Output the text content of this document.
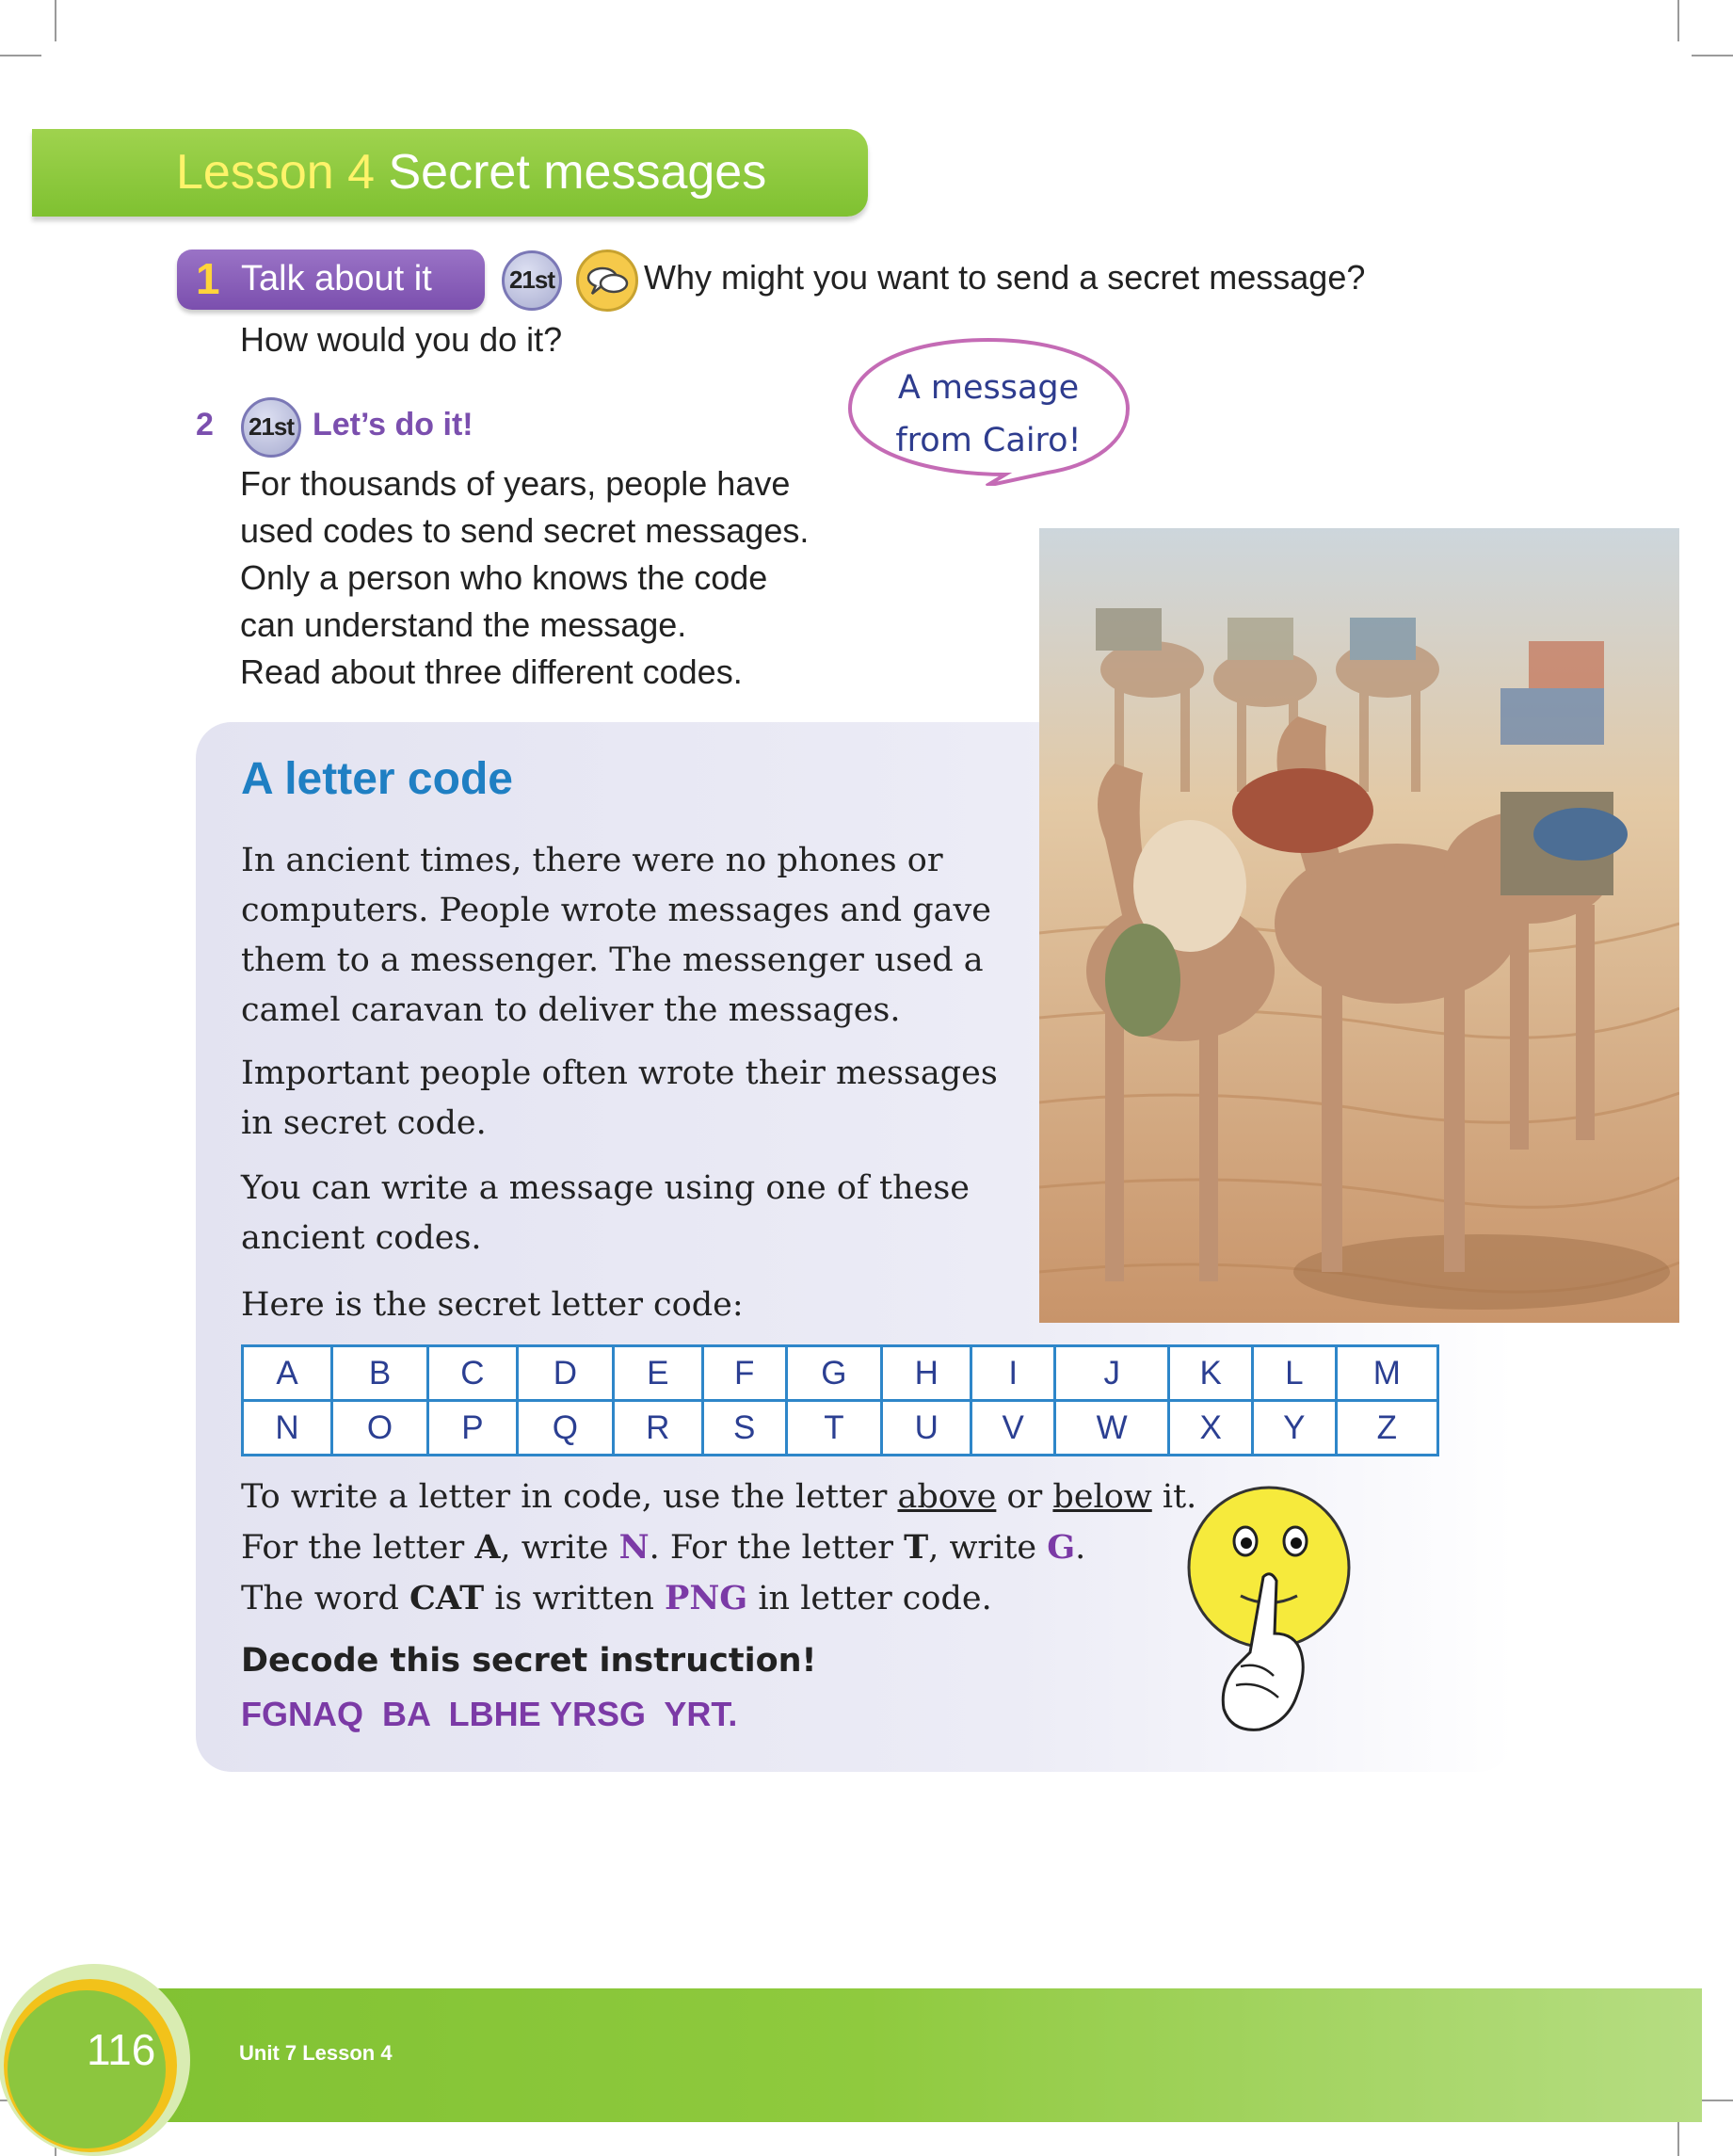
Lesson 4 Secret messages
1 Talk about it	21st	Why might you want to send a secret message?
How would you do it?
A message
from Cairo!
2	21st Let’s do it!
For thousands of years, people have
used codes to send secret messages.
Only a person who knows the code
can understand the message.
Read about three different codes.
A letter code
In ancient times, there were no phones or
computers. People wrote messages and gave
them to a messenger. The messenger used a
camel caravan to deliver the messages.
Important people often wrote their messages
in secret code.
You can write a message using one of these
ancient codes.
Here is the secret letter code:
A	B	C	D	E	F	G	H	I	J	K	L	M
N	O	P	Q	R	S	T	U	V	W	X	Y	Z
To write a letter in code, use the letter above or below it.
For the letter A, write N. For the letter T, write G.
The word CAT is written PNG in letter code.
Decode this secret instruction!
FGNAQ  BA  LBHE YRSG  YRT.
116	Unit 7 Lesson 4
